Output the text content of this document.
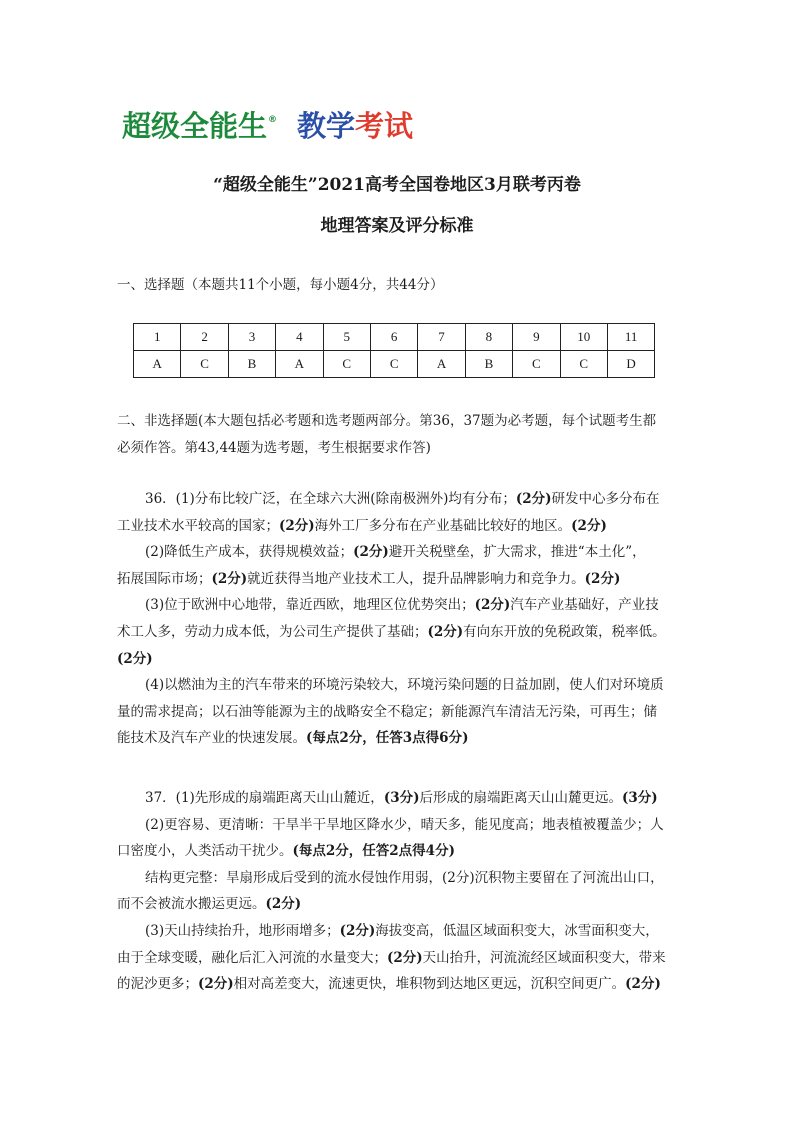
超级全能生® 教学考试
“超级全能生”2021高考全国卷地区3月联考丙卷
地理答案及评分标准
一、选择题（本题共11个小题，每小题4分，共44分）
1	2	3	4	5	6	7	8	9	10	11
A	C	B	A	C	C	A	B	C	C	D
二、非选择题(本大题包括必考题和选考题两部分。第36，37题为必考题，每个试题考生都
必须作答。第43,44题为选考题，考生根据要求作答)
36．(1)分布比较广泛，在全球六大洲(除南极洲外)均有分布；(2分)研发中心多分布在
工业技术水平较高的国家；(2分)海外工厂多分布在产业基础比较好的地区。(2分)
(2)降低生产成本，获得规模效益；(2分)避开关税壁垒，扩大需求，推进“本土化”，
拓展国际市场；(2分)就近获得当地产业技术工人，提升品牌影响力和竞争力。(2分)
(3)位于欧洲中心地带，靠近西欧，地理区位优势突出；(2分)汽车产业基础好，产业技
术工人多，劳动力成本低，为公司生产提供了基础；(2分)有向东开放的免税政策，税率低。
(2分)
(4)以燃油为主的汽车带来的环境污染较大，环境污染问题的日益加剧，使人们对环境质
量的需求提高；以石油等能源为主的战略安全不稳定；新能源汽车清洁无污染，可再生；储
能技术及汽车产业的快速发展。(每点2分，任答3点得6分)
37．(1)先形成的扇端距离天山山麓近，(3分)后形成的扇端距离天山山麓更远。(3分)
(2)更容易、更清晰：干旱半干旱地区降水少，晴天多，能见度高；地表植被覆盖少；人
口密度小，人类活动干扰少。(每点2分，任答2点得4分)
结构更完整：旱扇形成后受到的流水侵蚀作用弱，(2分)沉积物主要留在了河流出山口，
而不会被流水搬运更远。(2分)
(3)天山持续抬升，地形雨增多；(2分)海拔变高，低温区域面积变大，冰雪面积变大，
由于全球变暖，融化后汇入河流的水量变大；(2分)天山抬升，河流流经区域面积变大，带来
的泥沙更多；(2分)相对高差变大，流速更快，堆积物到达地区更远，沉积空间更广。(2分)
